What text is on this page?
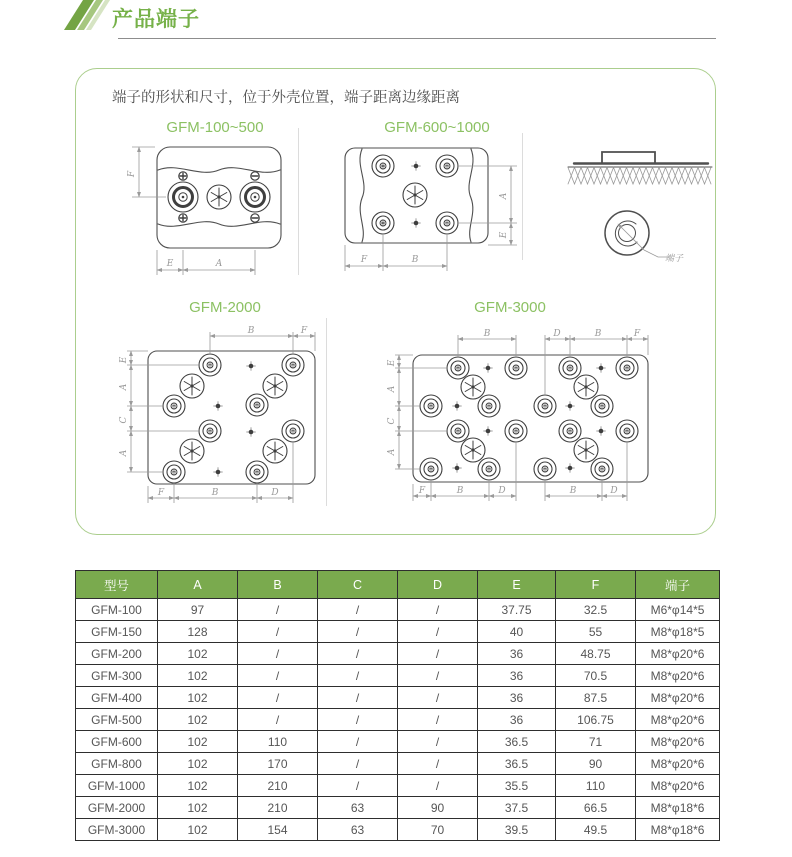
产品端子

端子的形状和尺寸，位于外壳位置，端子距离边缘距离

GFM-100~500	GFM-600~1000
GFM-2000	GFM-3000
F
E	A
A
E
F	B	端子
B	F
E
A
C
A
F	B	D
B	D	B	F
E
A
C
A
F	B	D	B	D
型号	A	B	C	D	E	F	端子
GFM-100	97	/	/	/	37.75	32.5	M6*φ14*5
GFM-150	128	/	/	/	40	55	M8*φ18*5
GFM-200	102	/	/	/	36	48.75	M8*φ20*6
GFM-300	102	/	/	/	36	70.5	M8*φ20*6
GFM-400	102	/	/	/	36	87.5	M8*φ20*6
GFM-500	102	/	/	/	36	106.75	M8*φ20*6
GFM-600	102	110	/	/	36.5	71	M8*φ20*6
GFM-800	102	170	/	/	36.5	90	M8*φ20*6
GFM-1000	102	210	/	/	35.5	110	M8*φ20*6
GFM-2000	102	210	63	90	37.5	66.5	M8*φ18*6
GFM-3000	102	154	63	70	39.5	49.5	M8*φ18*6
